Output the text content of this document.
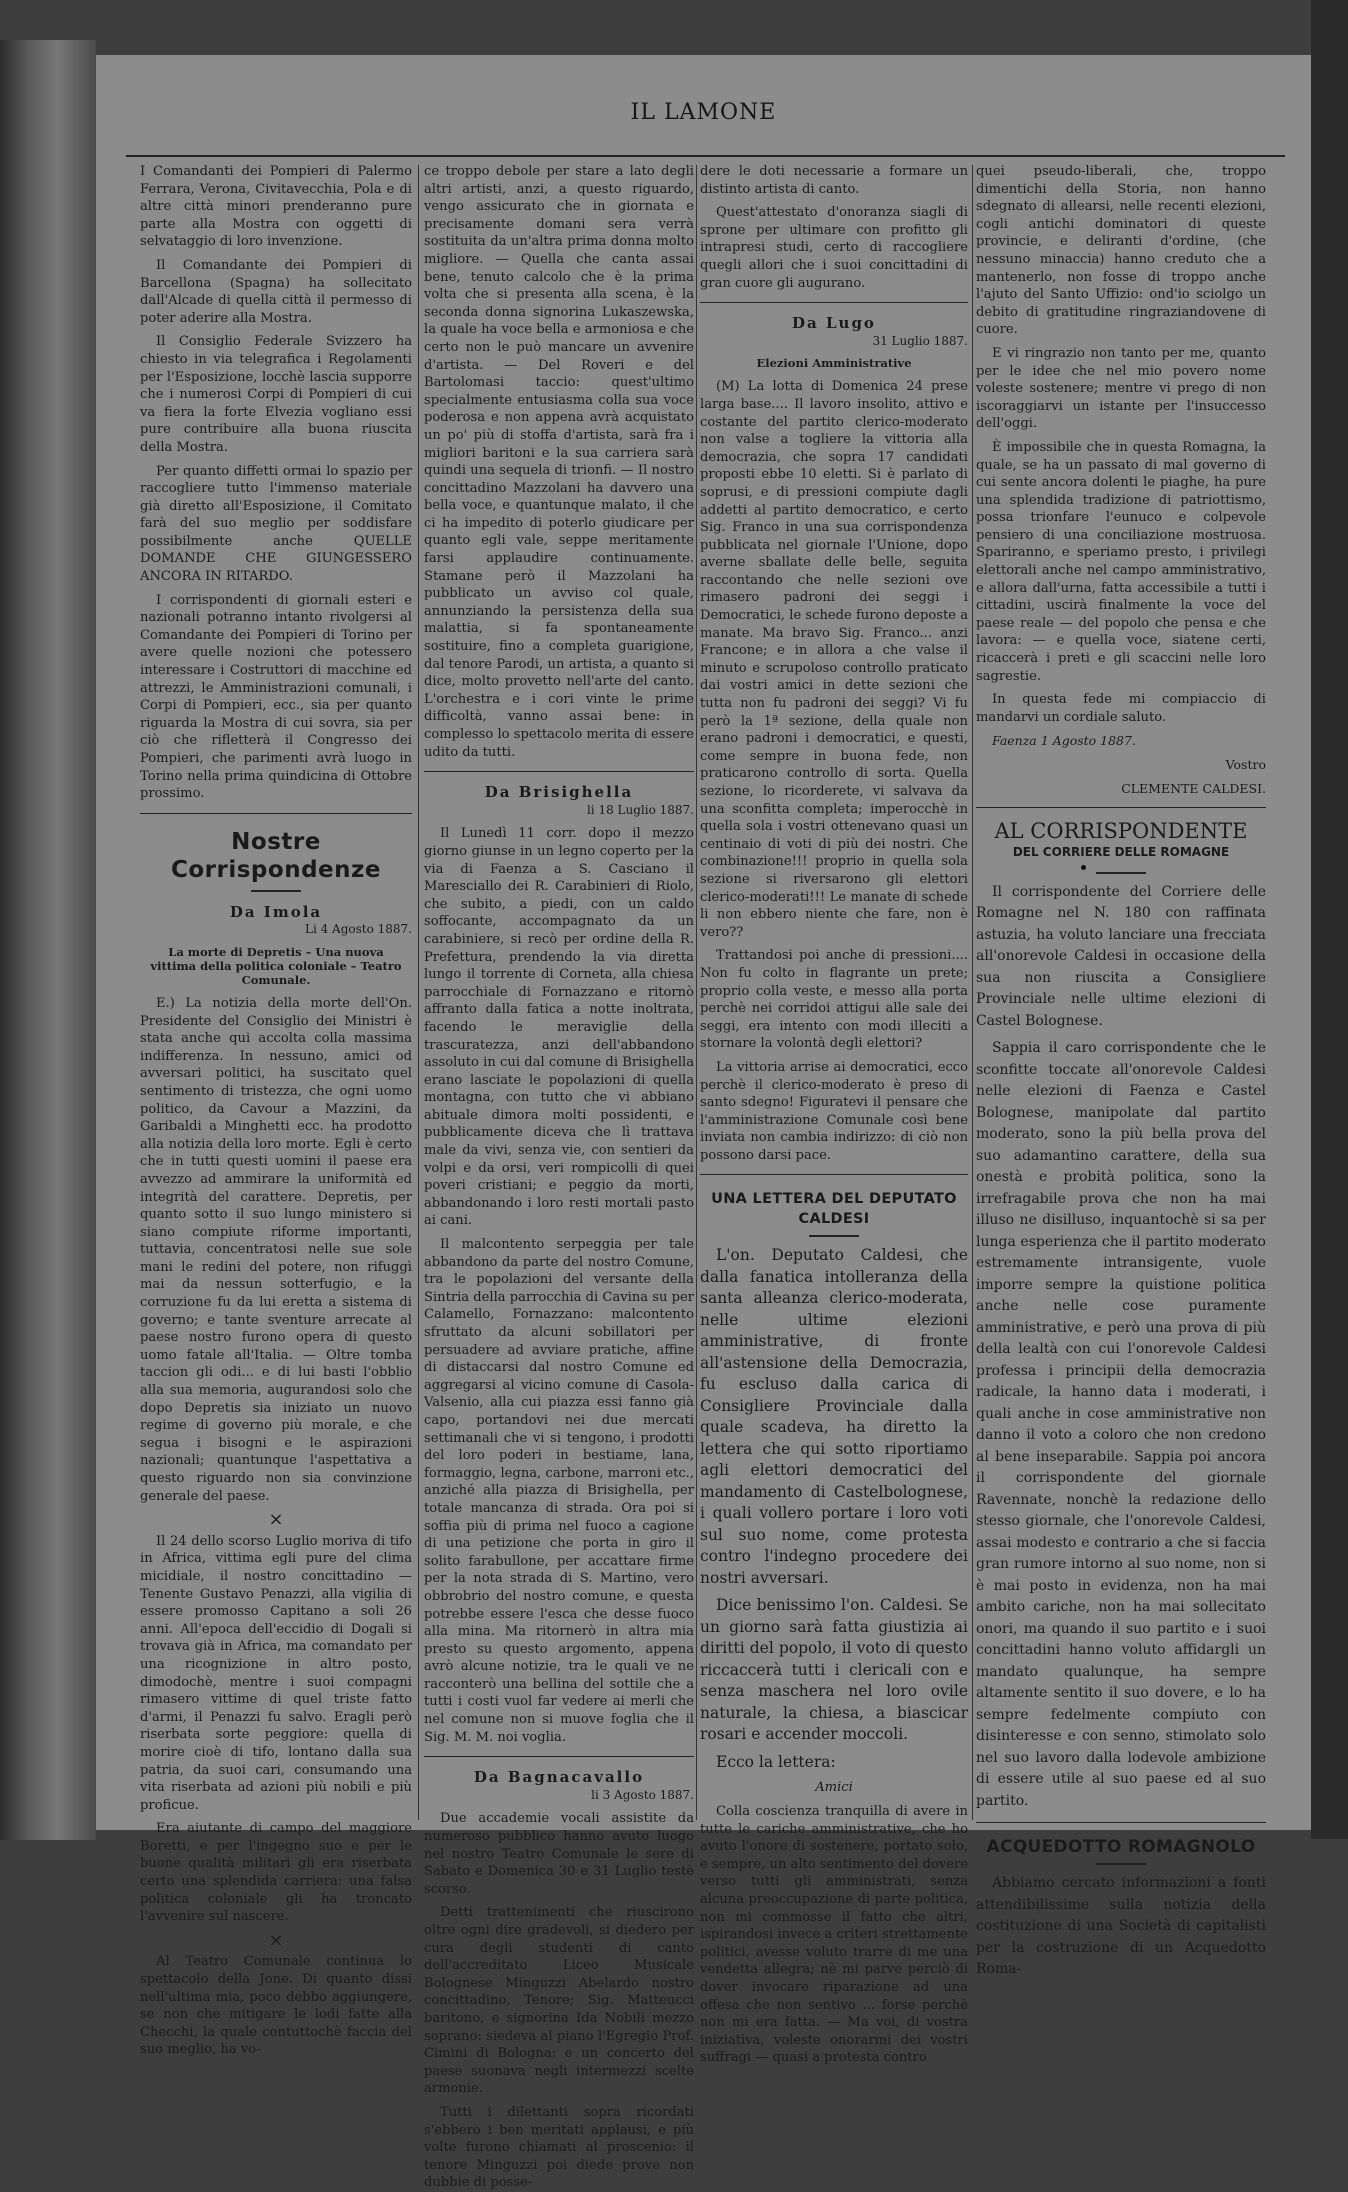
IL LAMONE

I Comandanti dei Pompieri di Palermo Ferrara, Verona, Civitavecchia, Pola e di altre città minori prenderanno pure parte alla Mostra con oggetti di selvataggio di loro invenzione.

Il Comandante dei Pompieri di Barcellona (Spagna) ha sollecitato dall'Alcade di quella città il permesso di poter aderire alla Mostra.

Il Consiglio Federale Svizzero ha chiesto in via telegrafica i Regolamenti per l'Esposizione, locchè lascia supporre che i numerosi Corpi di Pompieri di cui va fiera la forte Elvezia vogliano essi pure contribuire alla buona riuscita della Mostra.

Per quanto diffetti ormai lo spazio per raccogliere tutto l'immenso materiale già diretto all'Esposizione, il Comitato farà del suo meglio per soddisfare possibilmente anche QUELLE DOMANDE CHE GIUNGESSERO ANCORA IN RITARDO.

I corrispondenti di giornali esteri e nazionali potranno intanto rivolgersi al Comandante dei Pompieri di Torino per avere quelle nozioni che potessero interessare i Costruttori di macchine ed attrezzi, le Amministrazioni comunali, i Corpi di Pompieri, ecc., sia per quanto riguarda la Mostra di cui sovra, sia per ciò che rifletterà il Congresso dei Pompieri, che parimenti avrà luogo in Torino nella prima quindicina di Ottobre prossimo.

Nostre Corrispondenze
Da Imola
Li 4 Agosto 1887.
La morte di Depretis – Una nuova vittima della politica coloniale – Teatro Comunale.

E.) La notizia della morte dell'On. Presidente del Consiglio dei Ministri è stata anche qui accolta colla massima indifferenza. In nessuno, amici od avversari politici, ha suscitato quel sentimento di tristezza, che ogni uomo politico, da Cavour a Mazzini, da Garibaldi a Minghetti ecc. ha prodotto alla notizia della loro morte. Egli è certo che in tutti questi uomini il paese era avvezzo ad ammirare la uniformità ed integrità del carattere. Depretis, per quanto sotto il suo lungo ministero si siano compiute riforme importanti, tuttavia, concentratosi nelle sue sole mani le redini del potere, non rifuggì mai da nessun sotterfugio, e la corruzione fu da lui eretta a sistema di governo; e tante sventure arrecate al paese nostro furono opera di questo uomo fatale all'Italia. — Oltre tomba taccion gli odi... e di lui basti l'obblio alla sua memoria, augurandosi solo che dopo Depretis sia iniziato un nuovo regime di governo più morale, e che segua i bisogni e le aspirazioni nazionali; quantunque l'aspettativa a questo riguardo non sia convinzione generale del paese.

×

Il 24 dello scorso Luglio moriva di tifo in Africa, vittima egli pure del clima micidiale, il nostro concittadino — Tenente Gustavo Penazzi, alla vigilia di essere promosso Capitano a soli 26 anni. All'epoca dell'eccidio di Dogali si trovava già in Africa, ma comandato per una ricognizione in altro posto, dimodochè, mentre i suoi compagni rimasero vittime di quel triste fatto d'armi, il Penazzi fu salvo. Eragli però riserbata sorte peggiore: quella di morire cioè di tifo, lontano dalla sua patria, da suoi cari, consumando una vita riserbata ad azioni più nobili e più proficue.

Era aiutante di campo del maggiore Boretti, e per l'ingegno suo e per le buone qualità militari gli era riserbata certo una splendida carriera: una falsa politica coloniale gli ha troncato l'avvenire sul nascere.

×

Al Teatro Comunale continua lo spettacolo della Jone. Di quanto dissi nell'ultima mia, poco debbo aggiungere, se non che mitigare le lodi fatte alla Checchi, la quale contuttochè faccia del suo meglio, ha vo-

ce troppo debole per stare a lato degli altri artisti, anzi, a questo riguardo, vengo assicurato che in giornata e precisamente domani sera verrà sostituita da un'altra prima donna molto migliore. — Quella che canta assai bene, tenuto calcolo che è la prima volta che si presenta alla scena, è la seconda donna signorina Lukaszewska, la quale ha voce bella e armoniosa e che certo non le può mancare un avvenire d'artista. — Del Roveri e del Bartolomasi taccio: quest'ultimo specialmente entusiasma colla sua voce poderosa e non appena avrà acquistato un po' più di stoffa d'artista, sarà fra i migliori baritoni e la sua carriera sarà quindi una sequela di trionfi. — Il nostro concittadino Mazzolani ha davvero una bella voce, e quantunque malato, il che ci ha impedito di poterlo giudicare per quanto egli vale, seppe meritamente farsi applaudire continuamente. Stamane però il Mazzolani ha pubblicato un avviso col quale, annunziando la persistenza della sua malattia, si fa spontaneamente sostituire, fino a completa guarigione, dal tenore Parodi, un artista, a quanto si dice, molto provetto nell'arte del canto. L'orchestra e i cori vinte le prime difficoltà, vanno assai bene: in complesso lo spettacolo merita di essere udito da tutti.

Da Brisighella
li 18 Luglio 1887.

Il Lunedì 11 corr. dopo il mezzo giorno giunse in un legno coperto per la via di Faenza a S. Casciano il Maresciallo dei R. Carabinieri di Riolo, che subito, a piedi, con un caldo soffocante, accompagnato da un carabiniere, si recò per ordine della R. Prefettura, prendendo la via diretta lungo il torrente di Corneta, alla chiesa parrocchiale di Fornazzano e ritornò affranto dalla fatica a notte inoltrata, facendo le meraviglie della trascuratezza, anzi dell'abbandono assoluto in cui dal comune di Brisighella erano lasciate le popolazioni di quella montagna, con tutto che vi abbiano abituale dimora molti possidenti, e pubblicamente diceva che lì trattava male da vivi, senza vie, con sentieri da volpi e da orsi, veri rompicolli di quei poveri cristiani; e peggio da morti, abbandonando i loro resti mortali pasto ai cani.

Il malcontento serpeggia per tale abbandono da parte del nostro Comune, tra le popolazioni del versante della Sintria della parrocchia di Cavina su per Calamello, Fornazzano: malcontento sfruttato da alcuni sobillatori per persuadere ad avviare pratiche, affine di distaccarsi dal nostro Comune ed aggregarsi al vicino comune di Casola-Valsenio, alla cui piazza essi fanno già capo, portandovi nei due mercati settimanali che vi si tengono, i prodotti del loro poderi in bestiame, lana, formaggio, legna, carbone, marroni etc., anziché alla piazza di Brisighella, per totale mancanza di strada. Ora poi si soffia più di prima nel fuoco a cagione di una petizione che porta in giro il solito farabullone, per accattare firme per la nota strada di S. Martino, vero obbrobrio del nostro comune, e questa potrebbe essere l'esca che desse fuoco alla mina. Ma ritornerò in altra mia presto su questo argomento, appena avrò alcune notizie, tra le quali ve ne racconterò una bellina del sottile che a tutti i costi vuol far vedere ai merli che nel comune non si muove foglia che il Sig. M. M. noi voglia.

Da Bagnacavallo
li 3 Agosto 1887.

Due accademie vocali assistite da numeroso pubblico hanno avuto luogo nel nostro Teatro Comunale le sere di Sabato e Domenica 30 e 31 Luglio testè scorso.

Detti trattenimenti che riuscirono oltre ogni dire gradevoli, si diedero per cura degli studenti di canto dell'accreditato Liceo Musicale Bolognese Minguzzi Abelardo nostro concittadino, Tenore; Sig. Matteucci baritono, e signorina Ida Nobili mezzo soprano: siedeva al piano l'Egregio Prof. Cimini di Bologna: e un concerto del paese suonava negli intermezzi scelte armonie.

Tutti i dilettanti sopra ricordati s'ebbero i ben meritati applausi, e più volte furono chiamati al proscenio: il tenore Minguzzi poi diede prove non dubbie di posse-

dere le doti necessarie a formare un distinto artista di canto.

Quest'attestato d'onoranza siagli di sprone per ultimare con profitto gli intrapresi studi, certo di raccogliere quegli allori che i suoi concittadini di gran cuore gli augurano.

Da Lugo
31 Luglio 1887.
Elezioni Amministrative

(M) La lotta di Domenica 24 prese larga base.... Il lavoro insolito, attivo e costante del partito clerico-moderato non valse a togliere la vittoria alla democrazia, che sopra 17 candidati proposti ebbe 10 eletti. Si è parlato di soprusi, e di pressioni compiute dagli addetti al partito democratico, e certo Sig. Franco in una sua corrispondenza pubblicata nel giornale l'Unione, dopo averne sballate delle belle, seguita raccontando che nelle sezioni ove rimasero padroni dei seggi i Democratici, le schede furono deposte a manate. Ma bravo Sig. Franco... anzi Francone; e in allora a che valse il minuto e scrupoloso controllo praticato dai vostri amici in dette sezioni che tutta non fu padroni dei seggi? Vi fu però la 1ª sezione, della quale non erano padroni i democratici, e questi, come sempre in buona fede, non praticarono controllo di sorta. Quella sezione, lo ricorderete, vi salvava da una sconfitta completa; imperocchè in quella sola i vostri ottenevano quasi un centinaio di voti di più dei nostri. Che combinazione!!! proprio in quella sola sezione si riversarono gli elettori clerico-moderati!!! Le manate di schede li non ebbero niente che fare, non è vero??

Trattandosi poi anche di pressioni.... Non fu colto in flagrante un prete; proprio colla veste, e messo alla porta perchè nei corridoi attigui alle sale dei seggi, era intento con modi illeciti a stornare la volontà degli elettori?

La vittoria arrise ai democratici, ecco perchè il clerico-moderato è preso di santo sdegno! Figuratevi il pensare che l'amministrazione Comunale così bene inviata non cambia indirizzo: di ciò non possono darsi pace.

UNA LETTERA DEL DEPUTATO CALDESI

L'on. Deputato Caldesi, che dalla fanatica intolleranza della santa alleanza clerico-moderata, nelle ultime elezioni amministrative, di fronte all'astensione della Democrazia, fu escluso dalla carica di Consigliere Provinciale dalla quale scadeva, ha diretto la lettera che qui sotto riportiamo agli elettori democratici del mandamento di Castelbolognese, i quali vollero portare i loro voti sul suo nome, come protesta contro l'indegno procedere dei nostri avversari.

Dice benissimo l'on. Caldesi. Se un giorno sarà fatta giustizia ai diritti del popolo, il voto di questo riccaccerà tutti i clericali con e senza maschera nel loro ovile naturale, la chiesa, a biascicar rosari e accender moccoli.

Ecco la lettera:

Amici

Colla coscienza tranquilla di avere in tutte le cariche amministrative, che ho avuto l'onore di sostenere, portato solo, e sempre, un alto sentimento del dovere verso tutti gli amministrati, senza alcuna preoccupazione di parte politica, non mi commosse il fatto che altri, ispirandosi invece a criteri strettamente politici, avesse voluto trarre di me una vendetta allegra; nè mi parve perciò di dover invocare riparazione ad una offesa che non sentivo ... forse perchè non mi era fatta. — Ma voi, di vostra iniziativa, voleste onorarmi dei vostri suffragi — quasi a protesta contro

quei pseudo-liberali, che, troppo dimentichi della Storia, non hanno sdegnato di allearsi, nelle recenti elezioni, cogli antichi dominatori di queste provincie, e deliranti d'ordine, (che nessuno minaccia) hanno creduto che a mantenerlo, non fosse di troppo anche l'ajuto del Santo Uffizio: ond'io sciolgo un debito di gratitudine ringraziandovene di cuore.

E vi ringrazio non tanto per me, quanto per le idee che nel mio povero nome voleste sostenere; mentre vi prego di non iscoraggiarvi un istante per l'insuccesso dell'oggi.

È impossibile che in questa Romagna, la quale, se ha un passato di mal governo di cui sente ancora dolenti le piaghe, ha pure una splendida tradizione di patriottismo, possa trionfare l'eunuco e colpevole pensiero di una conciliazione mostruosa. Spariranno, e speriamo presto, i privilegi elettorali anche nel campo amministrativo, e allora dall'urna, fatta accessibile a tutti i cittadini, uscirà finalmente la voce del paese reale — del popolo che pensa e che lavora: — e quella voce, siatene certi, ricaccerà i preti e gli scaccini nelle loro sagrestie.

In questa fede mi compiaccio di mandarvi un cordiale saluto.

Faenza 1 Agosto 1887.

Vostro

CLEMENTE CALDESI.

AL CORRISPONDENTE
DEL CORRIERE DELLE ROMAGNE

Il corrispondente del Corriere delle Romagne nel N. 180 con raffinata astuzia, ha voluto lanciare una frecciata all'onorevole Caldesi in occasione della sua non riuscita a Consigliere Provinciale nelle ultime elezioni di Castel Bolognese.

Sappia il caro corrispondente che le sconfitte toccate all'onorevole Caldesi nelle elezioni di Faenza e Castel Bolognese, manipolate dal partito moderato, sono la più bella prova del suo adamantino carattere, della sua onestà e probità politica, sono la irrefragabile prova che non ha mai illuso ne disilluso, inquantochè si sa per lunga esperienza che il partito moderato estremamente intransigente, vuole imporre sempre la quistione politica anche nelle cose puramente amministrative, e però una prova di più della lealtà con cui l'onorevole Caldesi professa i principii della democrazia radicale, la hanno data i moderati, i quali anche in cose amministrative non danno il voto a coloro che non credono al bene inseparabile. Sappia poi ancora il corrispondente del giornale Ravennate, nonchè la redazione dello stesso giornale, che l'onorevole Caldesi, assai modesto e contrario a che si faccia gran rumore intorno al suo nome, non si è mai posto in evidenza, non ha mai ambito cariche, non ha mai sollecitato onori, ma quando il suo partito e i suoi concittadini hanno voluto affidargli un mandato qualunque, ha sempre altamente sentito il suo dovere, e lo ha sempre fedelmente compiuto con disinteresse e con senno, stimolato solo nel suo lavoro dalla lodevole ambizione di essere utile al suo paese ed al suo partito.

ACQUEDOTTO ROMAGNOLO

Abbiamo cercato informazioni a fonti attendibilissime sulla notizia della costituzione di una Società di capitalisti per la costruzione di un Acquedotto Roma-
